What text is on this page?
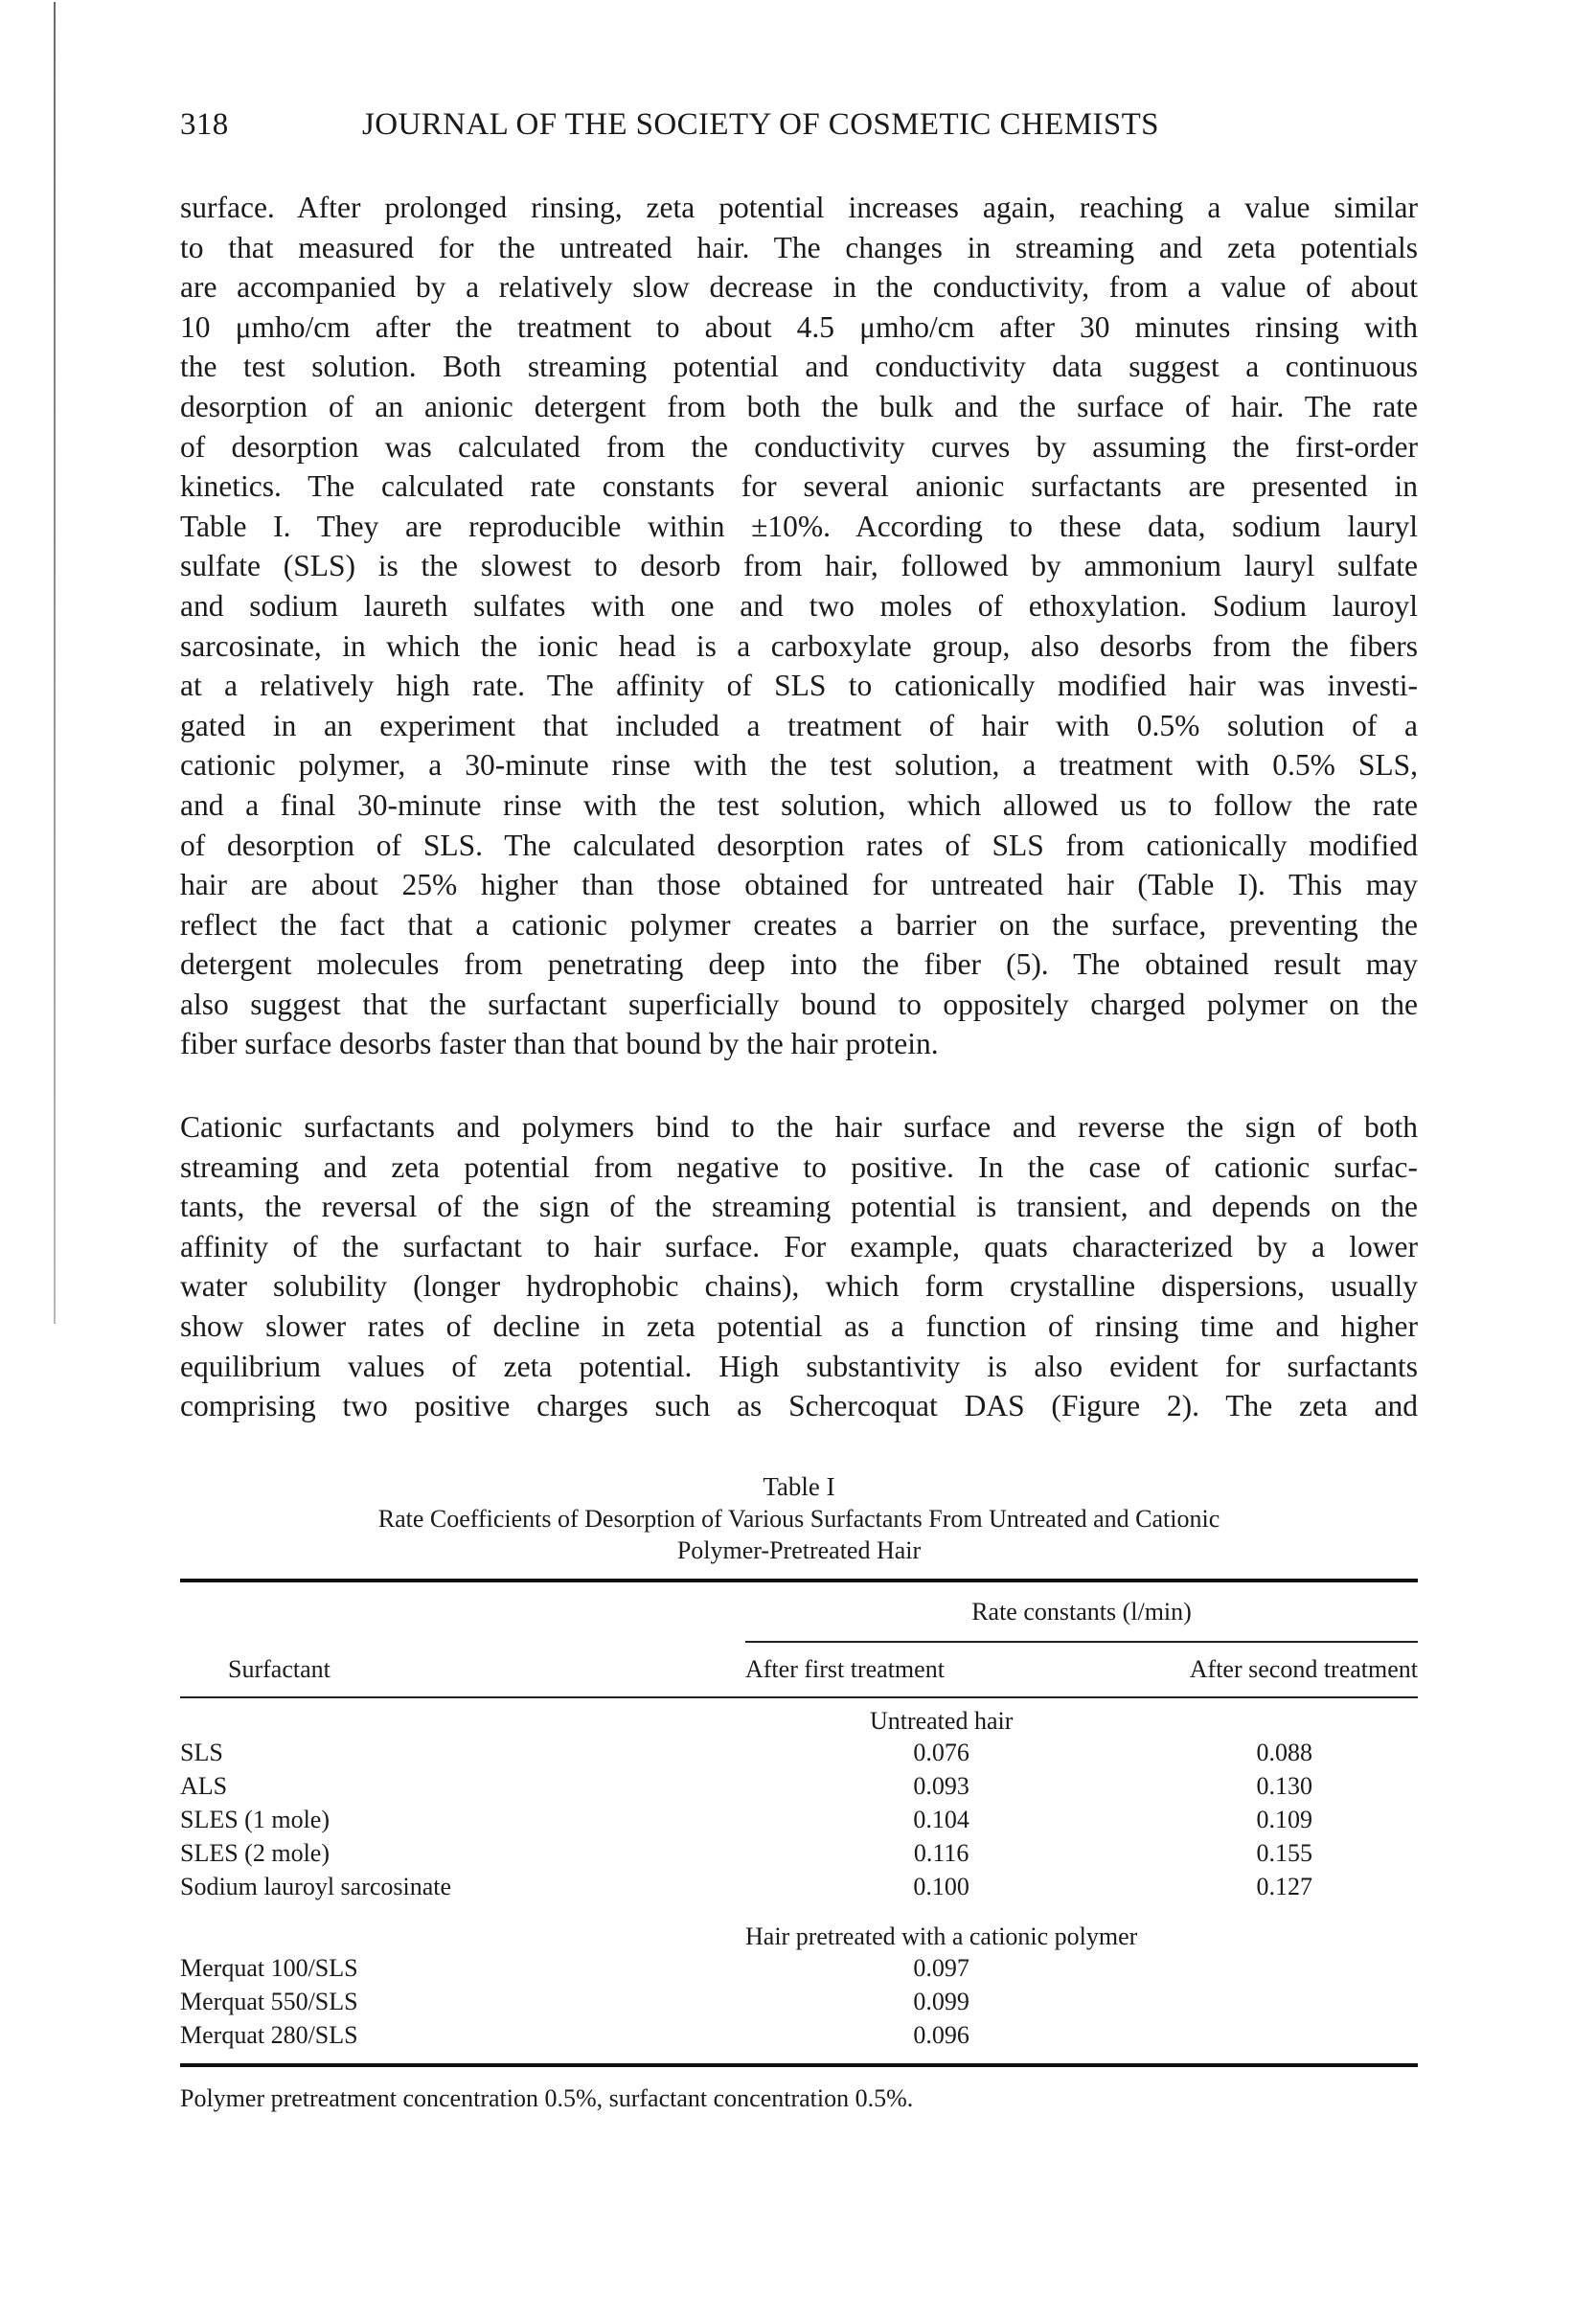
318	JOURNAL OF THE SOCIETY OF COSMETIC CHEMISTS
surface. After prolonged rinsing, zeta potential increases again, reaching a value similar
to that measured for the untreated hair. The changes in streaming and zeta potentials
are accompanied by a relatively slow decrease in the conductivity, from a value of about
10 μmho/cm after the treatment to about 4.5 μmho/cm after 30 minutes rinsing with
the test solution. Both streaming potential and conductivity data suggest a continuous
desorption of an anionic detergent from both the bulk and the surface of hair. The rate
of desorption was calculated from the conductivity curves by assuming the first-order
kinetics. The calculated rate constants for several anionic surfactants are presented in
Table I. They are reproducible within ±10%. According to these data, sodium lauryl
sulfate (SLS) is the slowest to desorb from hair, followed by ammonium lauryl sulfate
and sodium laureth sulfates with one and two moles of ethoxylation. Sodium lauroyl
sarcosinate, in which the ionic head is a carboxylate group, also desorbs from the fibers
at a relatively high rate. The affinity of SLS to cationically modified hair was investi-
gated in an experiment that included a treatment of hair with 0.5% solution of a
cationic polymer, a 30-minute rinse with the test solution, a treatment with 0.5% SLS,
and a final 30-minute rinse with the test solution, which allowed us to follow the rate
of desorption of SLS. The calculated desorption rates of SLS from cationically modified
hair are about 25% higher than those obtained for untreated hair (Table I). This may
reflect the fact that a cationic polymer creates a barrier on the surface, preventing the
detergent molecules from penetrating deep into the fiber (5). The obtained result may
also suggest that the surfactant superficially bound to oppositely charged polymer on the
fiber surface desorbs faster than that bound by the hair protein.
Cationic surfactants and polymers bind to the hair surface and reverse the sign of both
streaming and zeta potential from negative to positive. In the case of cationic surfac-
tants, the reversal of the sign of the streaming potential is transient, and depends on the
affinity of the surfactant to hair surface. For example, quats characterized by a lower
water solubility (longer hydrophobic chains), which form crystalline dispersions, usually
show slower rates of decline in zeta potential as a function of rinsing time and higher
equilibrium values of zeta potential. High substantivity is also evident for surfactants
comprising two positive charges such as Schercoquat DAS (Figure 2). The zeta and
Table I
Rate Coefficients of Desorption of Various Surfactants From Untreated and Cationic
Polymer-Pretreated Hair
	Rate constants (l/min)	
Surfactant	After first treatment	After second treatment
	Untreated hair	
SLS	0.076	0.088
ALS	0.093	0.130
SLES (1 mole)	0.104	0.109
SLES (2 mole)	0.116	0.155
Sodium lauroyl sarcosinate	0.100	0.127
	Hair pretreated with a cationic polymer	
Merquat 100/SLS	0.097	
Merquat 550/SLS	0.099	
Merquat 280/SLS	0.096	
Polymer pretreatment concentration 0.5%, surfactant concentration 0.5%.
